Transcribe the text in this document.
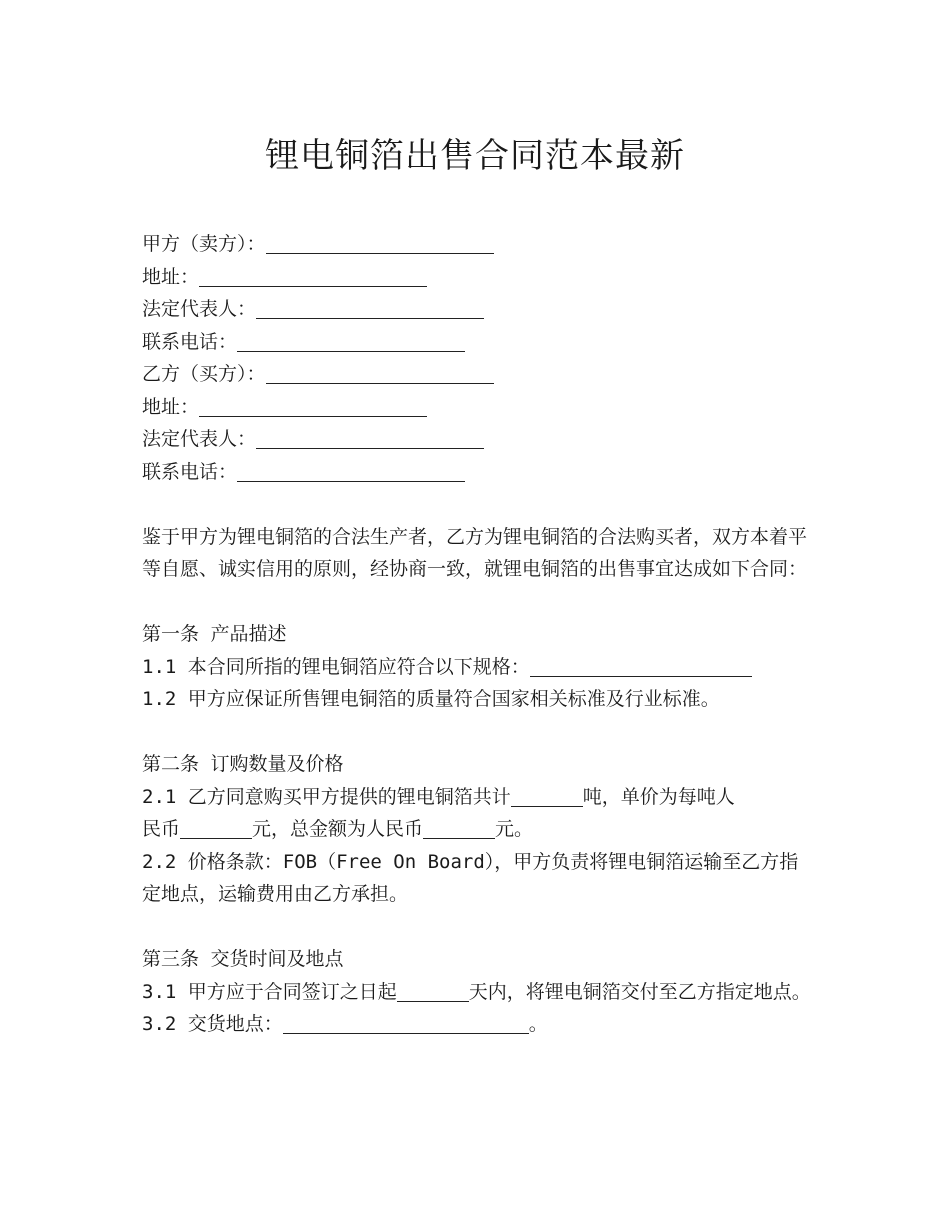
锂电铜箔出售合同范本最新
甲方（卖方）：
地址：
法定代表人：
联系电话：
乙方（买方）：
地址：
法定代表人：
联系电话：
鉴于甲方为锂电铜箔的合法生产者，乙方为锂电铜箔的合法购买者，双方本着平等自愿、诚实信用的原则，经协商一致，就锂电铜箔的出售事宜达成如下合同：
第一条 产品描述
1.1 本合同所指的锂电铜箔应符合以下规格：
1.2 甲方应保证所售锂电铜箔的质量符合国家相关标准及行业标准。
第二条 订购数量及价格
2.1 乙方同意购买甲方提供的锂电铜箔共计	吨，单价为每吨人
民币	元，总金额为人民币	元。
2.2 价格条款：FOB（Free On Board），甲方负责将锂电铜箔运输至乙方指定地点，运输费用由乙方承担。
第三条 交货时间及地点
3.1 甲方应于合同签订之日起	天内，将锂电铜箔交付至乙方指定地点。
3.2 交货地点：	。
